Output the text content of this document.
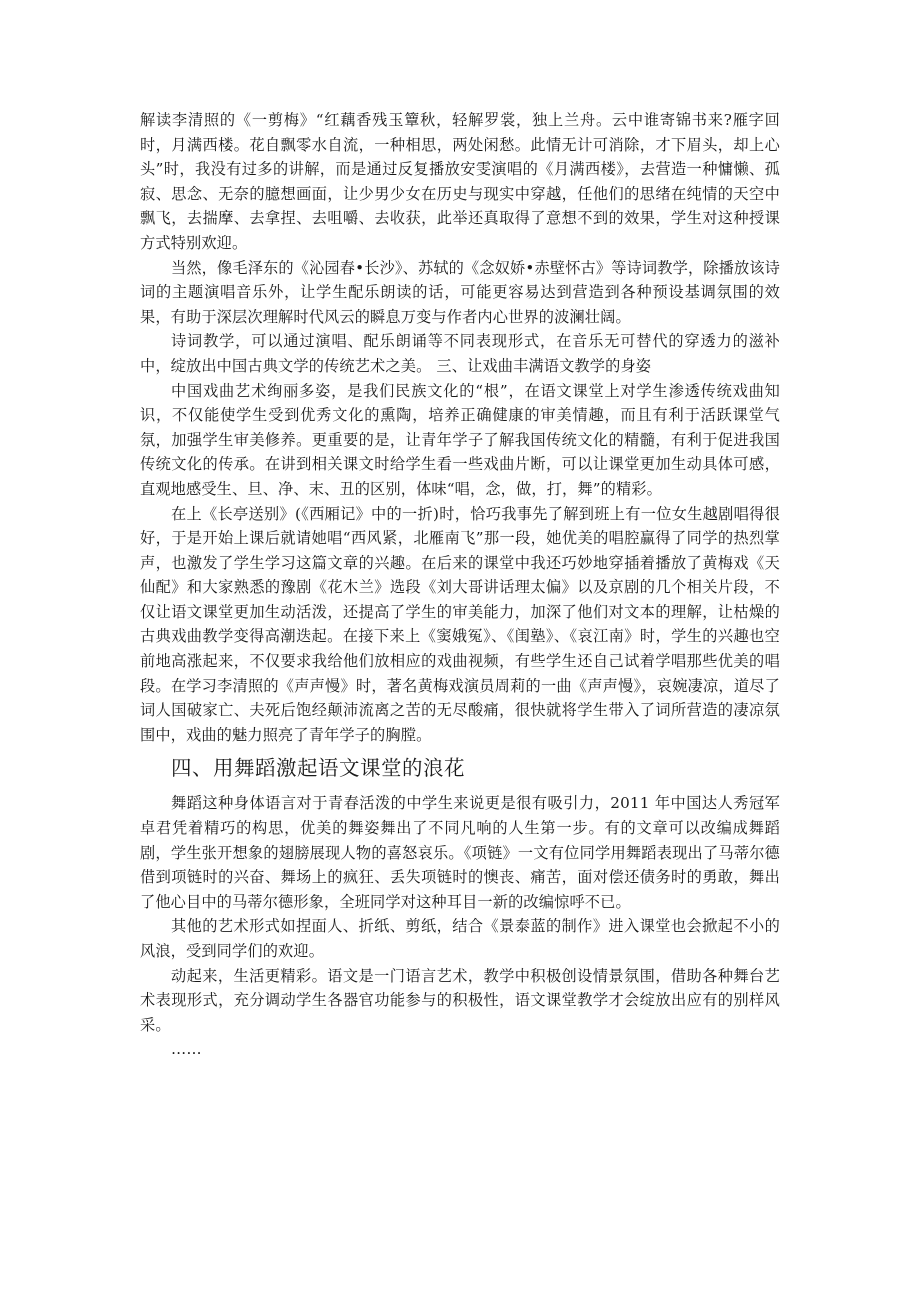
解读李清照的《一剪梅》“红藕香残玉簟秋，轻解罗裳，独上兰舟。云中谁寄锦书来?雁字回时，月满西楼。花自飘零水自流，一种相思，两处闲愁。此情无计可消除，才下眉头，却上心头”时，我没有过多的讲解，而是通过反复播放安雯演唱的《月满西楼》，去营造一种慵懒、孤寂、思念、无奈的臆想画面，让少男少女在历史与现实中穿越，任他们的思绪在纯情的天空中飘飞，去揣摩、去拿捏、去咀嚼、去收获，此举还真取得了意想不到的效果，学生对这种授课方式特别欢迎。

当然，像毛泽东的《沁园春•长沙》、苏轼的《念奴娇•赤壁怀古》等诗词教学，除播放该诗词的主题演唱音乐外，让学生配乐朗读的话，可能更容易达到营造到各种预设基调氛围的效果，有助于深层次理解时代风云的瞬息万变与作者内心世界的波澜壮阔。

诗词教学，可以通过演唱、配乐朗诵等不同表现形式，在音乐无可替代的穿透力的滋补中，绽放出中国古典文学的传统艺术之美。 三、让戏曲丰满语文教学的身姿

中国戏曲艺术绚丽多姿，是我们民族文化的“根”，在语文课堂上对学生渗透传统戏曲知识，不仅能使学生受到优秀文化的熏陶，培养正确健康的审美情趣，而且有利于活跃课堂气氛，加强学生审美修养。更重要的是，让青年学子了解我国传统文化的精髓，有利于促进我国传统文化的传承。在讲到相关课文时给学生看一些戏曲片断，可以让课堂更加生动具体可感，直观地感受生、旦、净、末、丑的区别，体味“唱，念，做，打，舞”的精彩。

在上《长亭送别》(《西厢记》中的一折)时，恰巧我事先了解到班上有一位女生越剧唱得很好，于是开始上课后就请她唱“西风紧，北雁南飞”那一段，她优美的唱腔赢得了同学的热烈掌声，也激发了学生学习这篇文章的兴趣。在后来的课堂中我还巧妙地穿插着播放了黄梅戏《天仙配》和大家熟悉的豫剧《花木兰》选段《刘大哥讲话理太偏》以及京剧的几个相关片段，不仅让语文课堂更加生动活泼，还提高了学生的审美能力，加深了他们对文本的理解，让枯燥的古典戏曲教学变得高潮迭起。在接下来上《窦娥冤》、《闺塾》、《哀江南》时，学生的兴趣也空前地高涨起来，不仅要求我给他们放相应的戏曲视频，有些学生还自己试着学唱那些优美的唱段。在学习李清照的《声声慢》时，著名黄梅戏演员周莉的一曲《声声慢》，哀婉凄凉，道尽了词人国破家亡、夫死后饱经颠沛流离之苦的无尽酸痛，很快就将学生带入了词所营造的凄凉氛围中，戏曲的魅力照亮了青年学子的胸膛。

四、用舞蹈激起语文课堂的浪花

舞蹈这种身体语言对于青春活泼的中学生来说更是很有吸引力，2011 年中国达人秀冠军卓君凭着精巧的构思，优美的舞姿舞出了不同凡响的人生第一步。有的文章可以改编成舞蹈剧，学生张开想象的翅膀展现人物的喜怒哀乐。《项链》一文有位同学用舞蹈表现出了马蒂尔德借到项链时的兴奋、舞场上的疯狂、丢失项链时的懊丧、痛苦，面对偿还债务时的勇敢，舞出了他心目中的马蒂尔德形象，全班同学对这种耳目一新的改编惊呼不已。

其他的艺术形式如捏面人、折纸、剪纸，结合《景泰蓝的制作》进入课堂也会掀起不小的风浪，受到同学们的欢迎。

动起来，生活更精彩。语文是一门语言艺术，教学中积极创设情景氛围，借助各种舞台艺术表现形式，充分调动学生各器官功能参与的积极性，语文课堂教学才会绽放出应有的别样风采。

……
